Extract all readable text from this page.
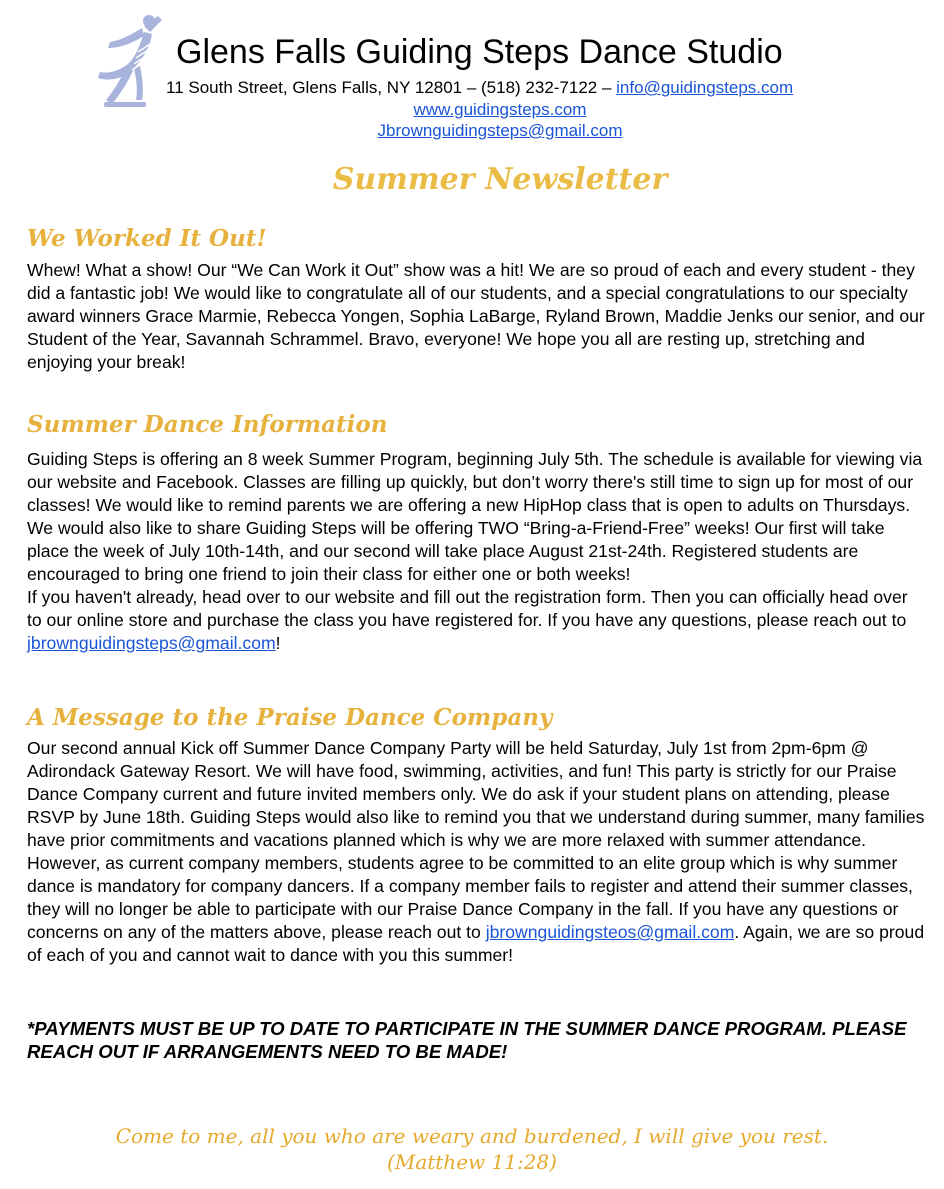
Glens Falls Guiding Steps Dance Studio
11 South Street, Glens Falls, NY 12801 – (518) 232-7122 – info@guidingsteps.com
www.guidingsteps.com
Jbrownguidingsteps@gmail.com
Summer Newsletter
We Worked It Out!

Whew! What a show! Our “We Can Work it Out” show was a hit! We are so proud of each and every student - they did a fantastic job! We would like to congratulate all of our students, and a special congratulations to our specialty award winners Grace Marmie, Rebecca Yongen, Sophia LaBarge, Ryland Brown, Maddie Jenks our senior, and our Student of the Year, Savannah Schrammel. Bravo, everyone! We hope you all are resting up, stretching and enjoying your break!

Summer Dance Information

Guiding Steps is offering an 8 week Summer Program, beginning July 5th. The schedule is available for viewing via our website and Facebook. Classes are filling up quickly, but don’t worry there's still time to sign up for most of our classes! We would like to remind parents we are offering a new HipHop class that is open to adults on Thursdays. We would also like to share Guiding Steps will be offering TWO “Bring-a-Friend-Free” weeks! Our first will take place the week of July 10th-14th, and our second will take place August 21st-24th. Registered students are encouraged to bring one friend to join their class for either one or both weeks!

If you haven't already, head over to our website and fill out the registration form. Then you can officially head over to our online store and purchase the class you have registered for. If you have any questions, please reach out to jbrownguidingsteps@gmail.com!

A Message to the Praise Dance Company

Our second annual Kick off Summer Dance Company Party will be held Saturday, July 1st from 2pm-6pm @ Adirondack Gateway Resort. We will have food, swimming, activities, and fun! This party is strictly for our Praise Dance Company current and future invited members only. We do ask if your student plans on attending, please RSVP by June 18th. Guiding Steps would also like to remind you that we understand during summer, many families have prior commitments and vacations planned which is why we are more relaxed with summer attendance. However, as current company members, students agree to be committed to an elite group which is why summer dance is mandatory for company dancers. If a company member fails to register and attend their summer classes, they will no longer be able to participate with our Praise Dance Company in the fall. If you have any questions or concerns on any of the matters above, please reach out to jbrownguidingsteos@gmail.com. Again, we are so proud of each of you and cannot wait to dance with you this summer!

*PAYMENTS MUST BE UP TO DATE TO PARTICIPATE IN THE SUMMER DANCE PROGRAM. PLEASE REACH OUT IF ARRANGEMENTS NEED TO BE MADE!
Come to me, all you who are weary and burdened, I will give you rest.
(Matthew 11:28)
